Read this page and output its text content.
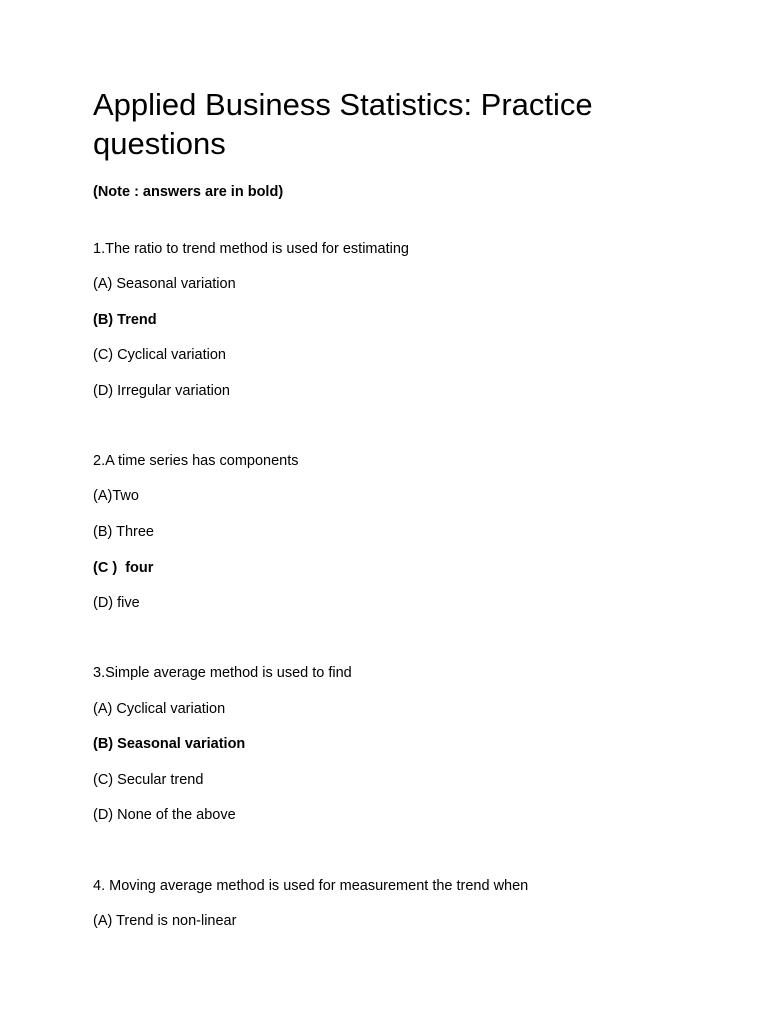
Applied Business Statistics: Practice questions

(Note : answers are in bold)

1.The ratio to trend method is used for estimating

(A) Seasonal variation

(B) Trend

(C) Cyclical variation

(D) Irregular variation

2.A time series has components

(A)Two

(B) Three

(C )  four

(D) five

3.Simple average method is used to find

(A) Cyclical variation

(B) Seasonal variation

(C) Secular trend

(D) None of the above

4. Moving average method is used for measurement the trend when

(A) Trend is non-linear
